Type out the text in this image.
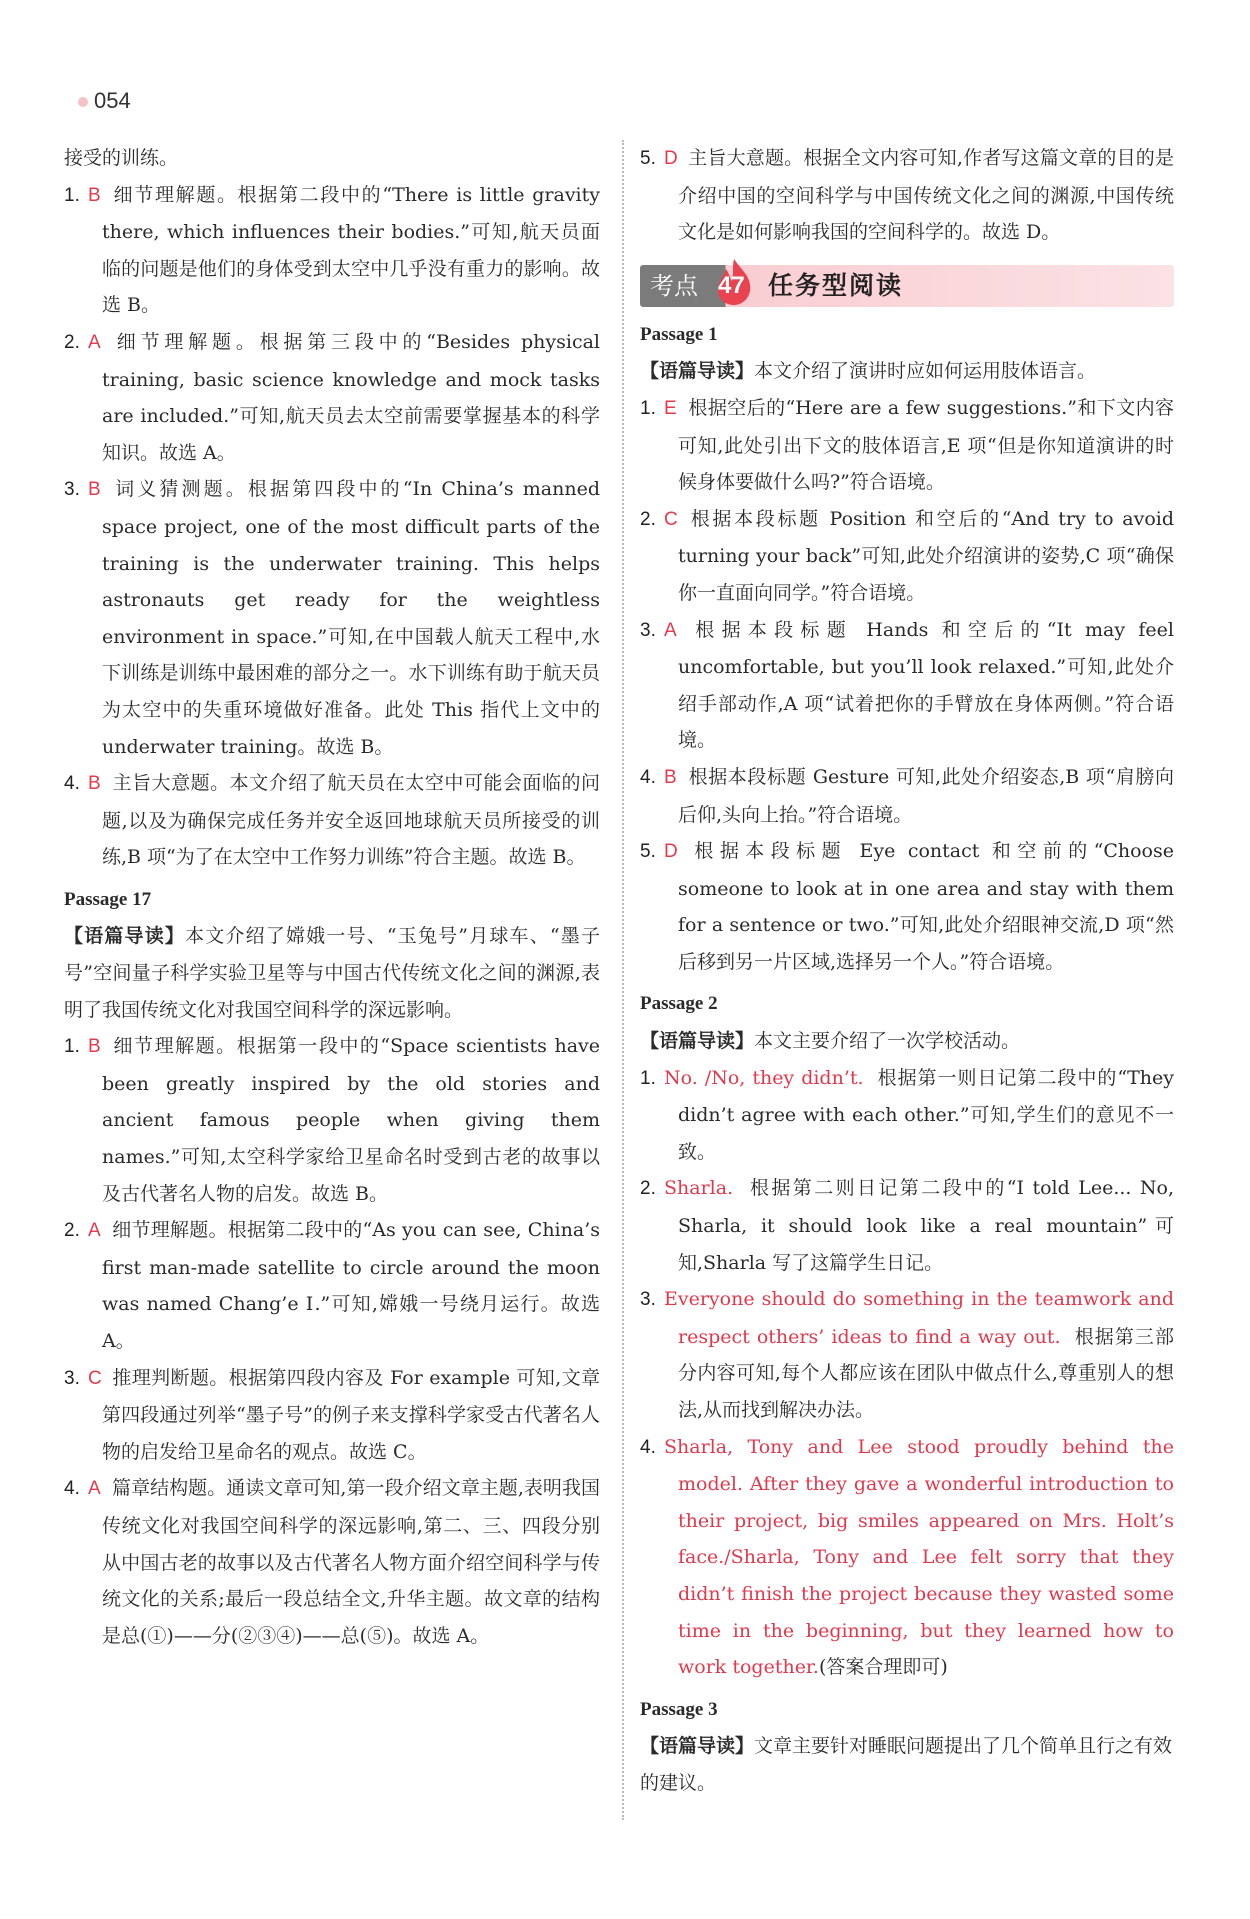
054

接受的训练。

1. B 细节理解题。根据第二段中的“There is little gravity there, which influences their bodies.”可知,航天员面临的问题是他们的身体受到太空中几乎没有重力的影响。故选 B。

2. A 细节理解题。根据第三段中的“Besides physical training, basic science knowledge and mock tasks are included.”可知,航天员去太空前需要掌握基本的科学知识。故选 A。

3. B 词义猜测题。根据第四段中的“In China’s manned space project, one of the most difficult parts of the training is the underwater training. This helps astronauts get ready for the weightless environment in space.”可知,在中国载人航天工程中,水下训练是训练中最困难的部分之一。水下训练有助于航天员为太空中的失重环境做好准备。此处 This 指代上文中的 underwater training。故选 B。

4. B 主旨大意题。本文介绍了航天员在太空中可能会面临的问题,以及为确保完成任务并安全返回地球航天员所接受的训练,B 项“为了在太空中工作努力训练”符合主题。故选 B。

Passage 17

【语篇导读】本文介绍了嫦娥一号、“玉兔号”月球车、“墨子号”空间量子科学实验卫星等与中国古代传统文化之间的渊源,表明了我国传统文化对我国空间科学的深远影响。

1. B 细节理解题。根据第一段中的“Space scientists have been greatly inspired by the old stories and ancient famous people when giving them names.”可知,太空科学家给卫星命名时受到古老的故事以及古代著名人物的启发。故选 B。

2. A 细节理解题。根据第二段中的“As you can see, China’s first man-made satellite to circle around the moon was named Chang’e Ⅰ.”可知,嫦娥一号绕月运行。故选 A。

3. C 推理判断题。根据第四段内容及 For example 可知,文章第四段通过列举“墨子号”的例子来支撑科学家受古代著名人物的启发给卫星命名的观点。故选 C。

4. A 篇章结构题。通读文章可知,第一段介绍文章主题,表明我国传统文化对我国空间科学的深远影响,第二、三、四段分别从中国古老的故事以及古代著名人物方面介绍空间科学与传统文化的关系;最后一段总结全文,升华主题。故文章的结构是总(①)——分(②③④)——总(⑤)。故选 A。

5. D 主旨大意题。根据全文内容可知,作者写这篇文章的目的是介绍中国的空间科学与中国传统文化之间的渊源,中国传统文化是如何影响我国的空间科学的。故选 D。

考点 47 任务型阅读

Passage 1

【语篇导读】本文介绍了演讲时应如何运用肢体语言。

1. E 根据空后的“Here are a few suggestions.”和下文内容可知,此处引出下文的肢体语言,E 项“但是你知道演讲的时候身体要做什么吗?”符合语境。

2. C 根据本段标题 Position 和空后的“And try to avoid turning your back”可知,此处介绍演讲的姿势,C 项“确保你一直面向同学。”符合语境。

3. A 根据本段标题 Hands 和空后的“It may feel uncomfortable, but you’ll look relaxed.”可知,此处介绍手部动作,A 项“试着把你的手臂放在身体两侧。”符合语境。

4. B 根据本段标题 Gesture 可知,此处介绍姿态,B 项“肩膀向后仰,头向上抬。”符合语境。

5. D 根据本段标题 Eye contact 和空前的“Choose someone to look at in one area and stay with them for a sentence or two.”可知,此处介绍眼神交流,D 项“然后移到另一片区域,选择另一个人。”符合语境。

Passage 2

【语篇导读】本文主要介绍了一次学校活动。

1. No. /No, they didn’t. 根据第一则日记第二段中的“They didn’t agree with each other.”可知,学生们的意见不一致。

2. Sharla. 根据第二则日记第二段中的“I told Lee... No, Sharla, it should look like a real mountain”可知,Sharla 写了这篇学生日记。

3. Everyone should do something in the teamwork and respect others’ ideas to find a way out. 根据第三部分内容可知,每个人都应该在团队中做点什么,尊重别人的想法,从而找到解决办法。

4. Sharla, Tony and Lee stood proudly behind the model. After they gave a wonderful introduction to their project, big smiles appeared on Mrs. Holt’s face./Sharla, Tony and Lee felt sorry that they didn’t finish the project because they wasted some time in the beginning, but they learned how to work together.(答案合理即可)

Passage 3

【语篇导读】文章主要针对睡眠问题提出了几个简单且行之有效的建议。
